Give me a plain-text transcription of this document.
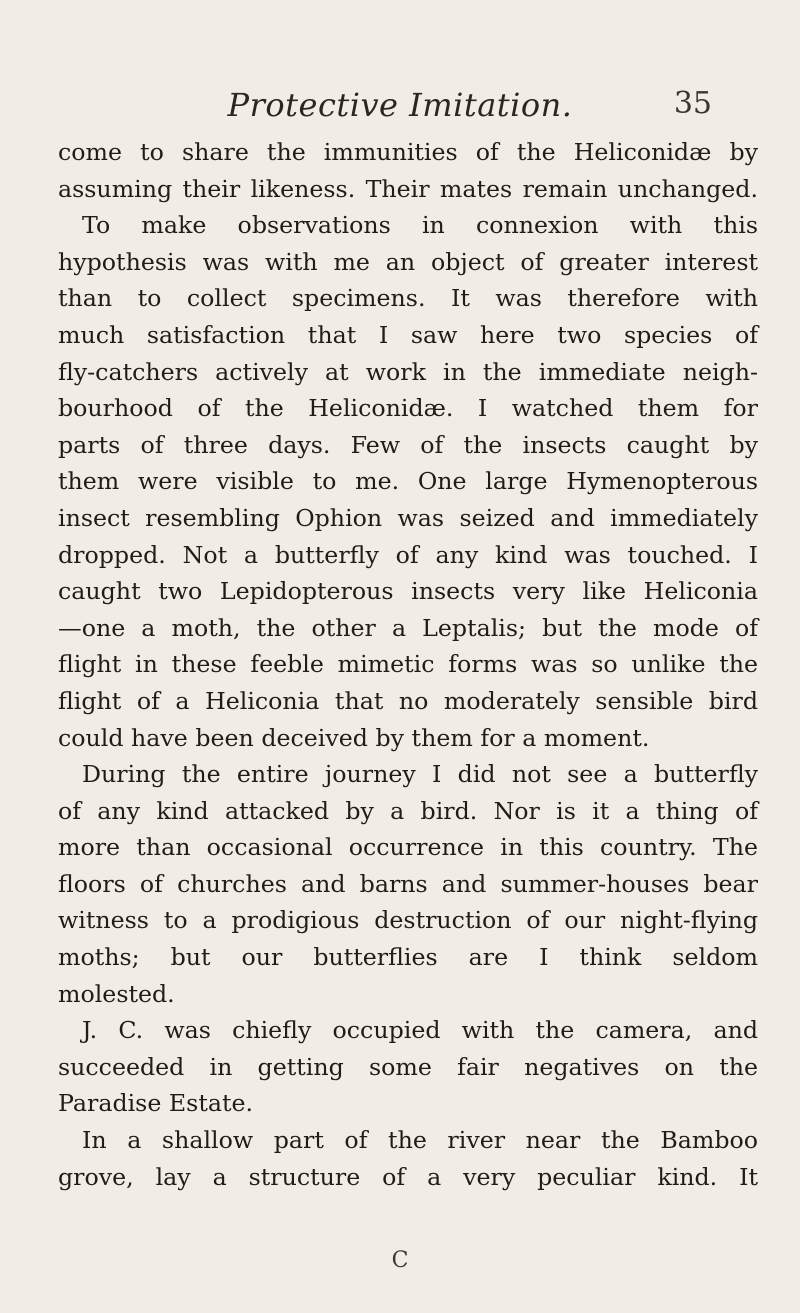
Protective Imitation.	35
come to share the immunities of the Heliconidæ by
assuming their likeness. Their mates remain unchanged.
To make observations in connexion with this
hypothesis was with me an object of greater interest
than to collect specimens. It was therefore with
much satisfaction that I saw here two species of
fly-catchers actively at work in the immediate neigh-
bourhood of the Heliconidæ. I watched them for
parts of three days. Few of the insects caught by
them were visible to me. One large Hymenopterous
insect resembling Ophion was seized and immediately
dropped. Not a butterfly of any kind was touched. I
caught two Lepidopterous insects very like Heliconia
—one a moth, the other a Leptalis; but the mode of
flight in these feeble mimetic forms was so unlike the
flight of a Heliconia that no moderately sensible bird
could have been deceived by them for a moment.
During the entire journey I did not see a butterfly
of any kind attacked by a bird. Nor is it a thing of
more than occasional occurrence in this country. The
floors of churches and barns and summer-houses bear
witness to a prodigious destruction of our night-flying
moths; but our butterflies are I think seldom
molested.
J. C. was chiefly occupied with the camera, and
succeeded in getting some fair negatives on the
Paradise Estate.
In a shallow part of the river near the Bamboo
grove, lay a structure of a very peculiar kind. It
C
